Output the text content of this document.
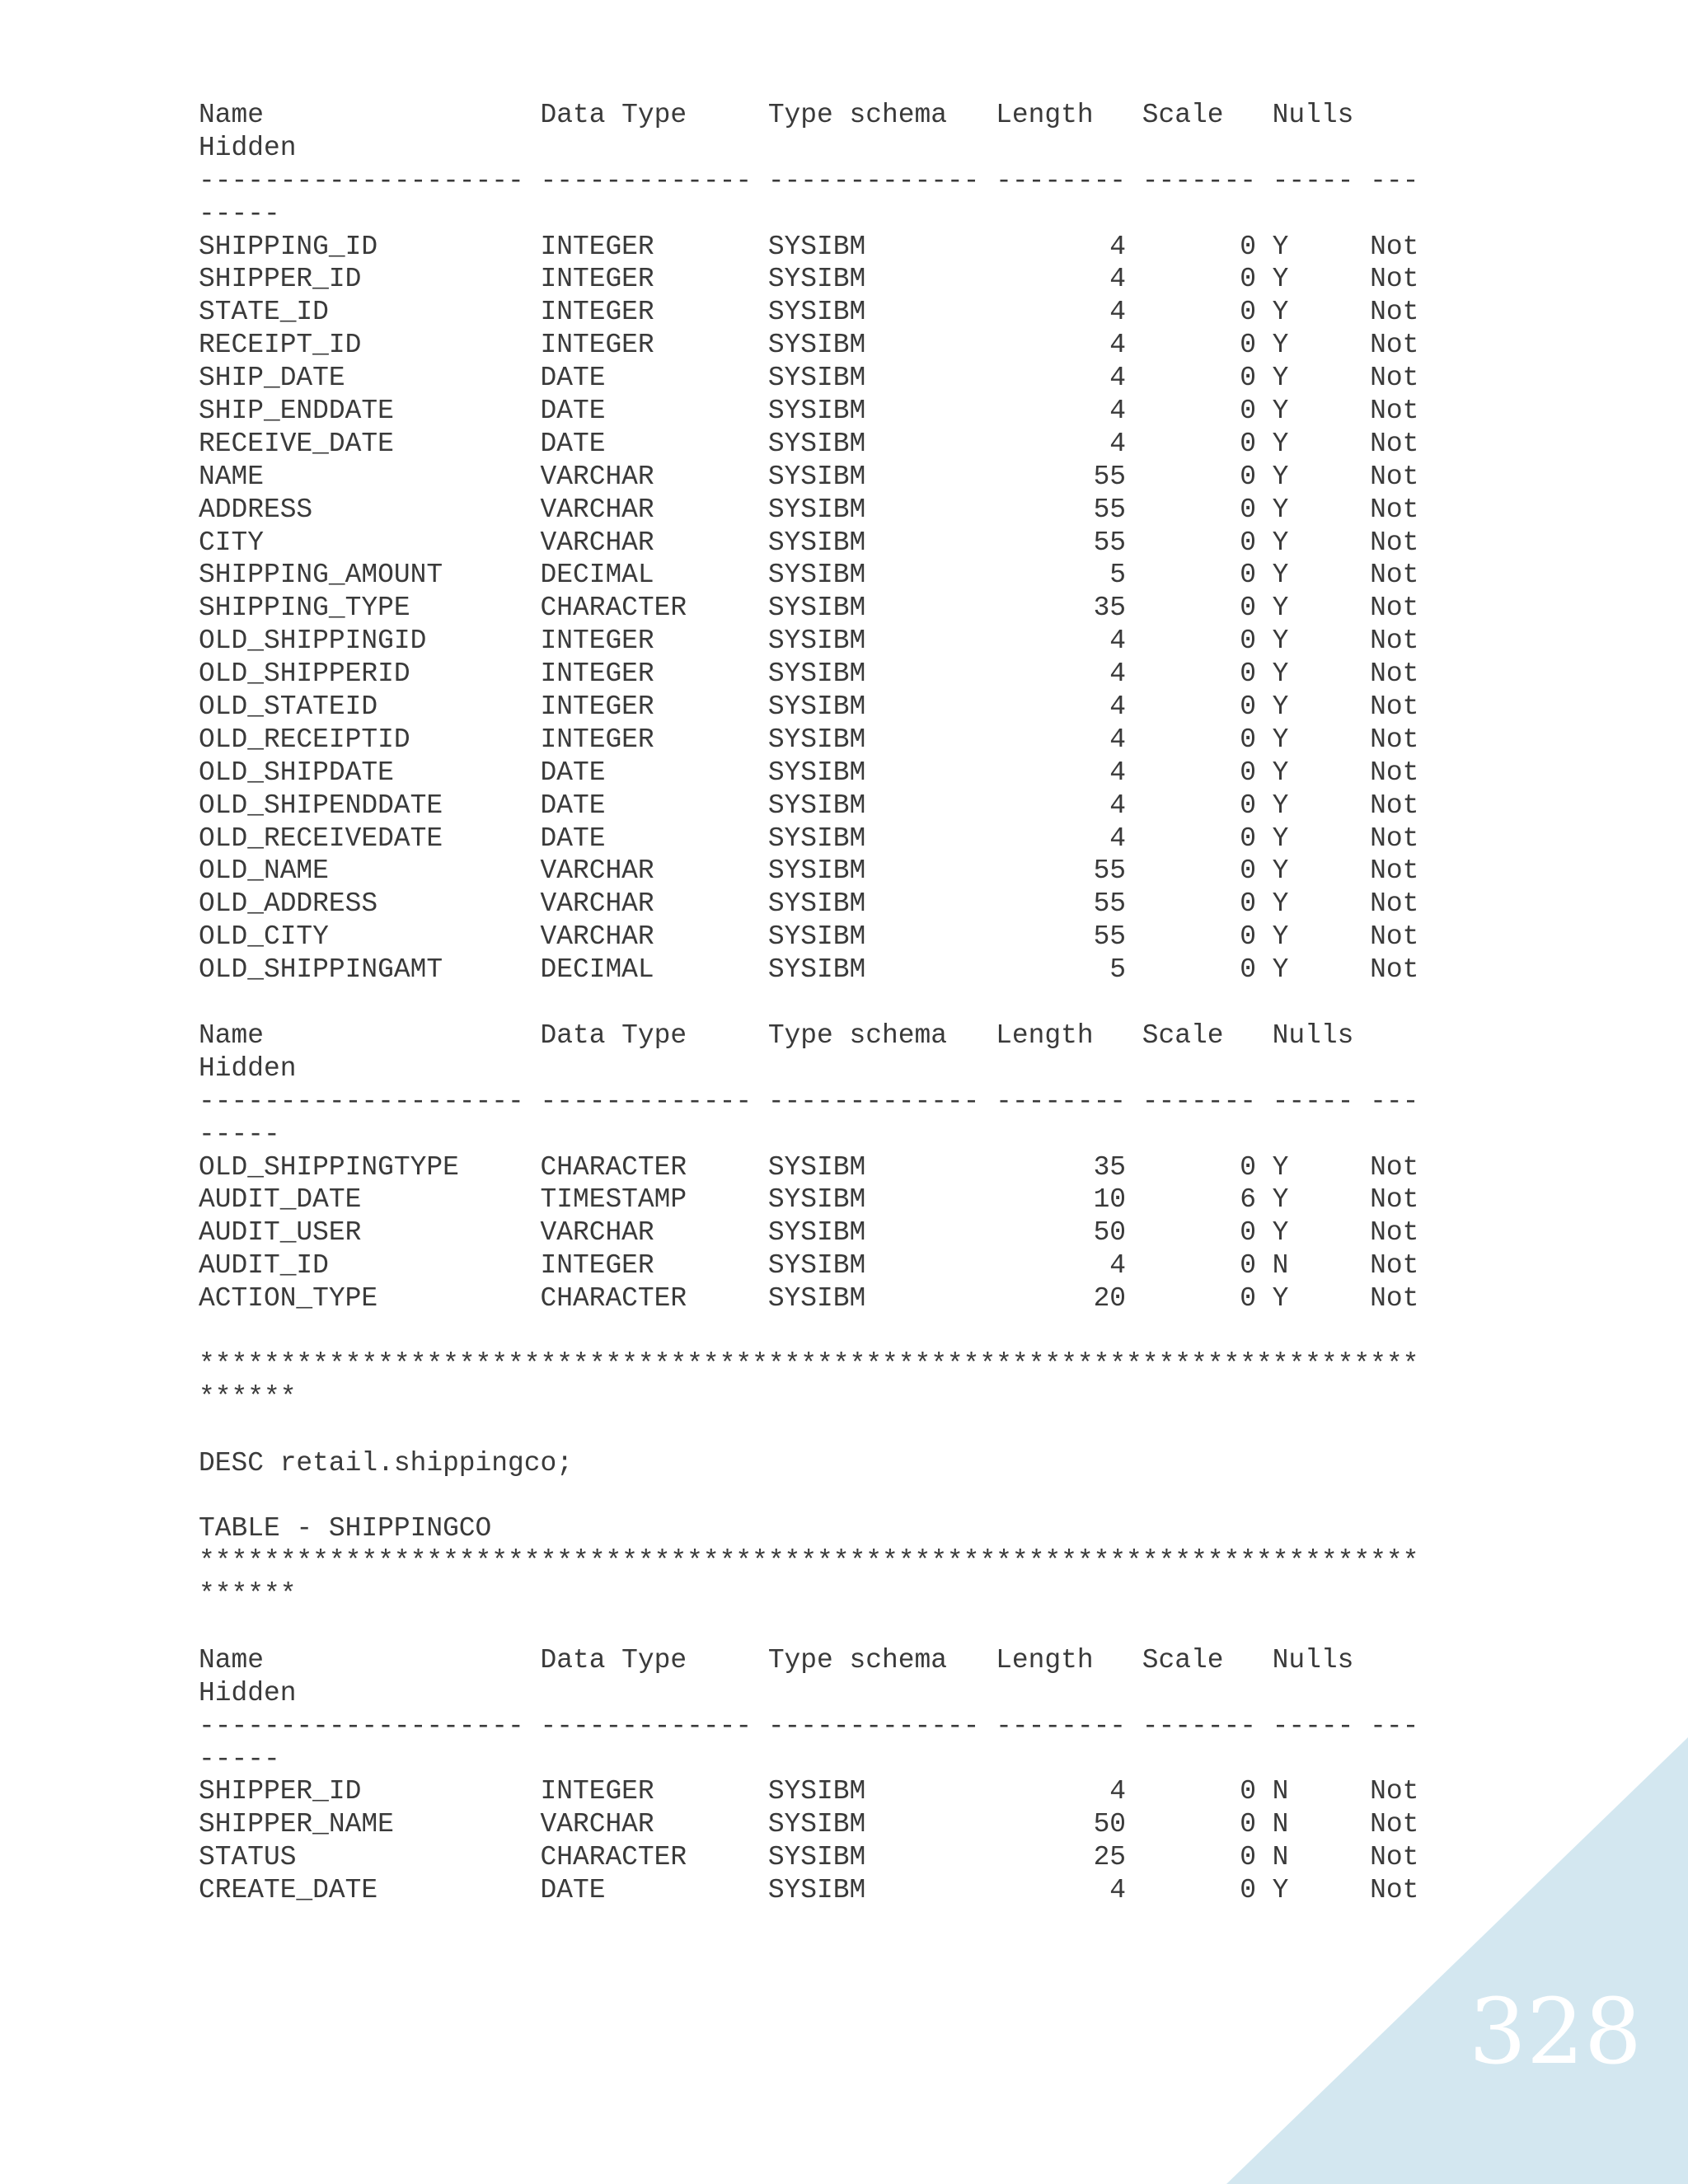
Name                 Data Type     Type schema   Length   Scale   Nulls
Hidden
-------------------- ------------- ------------- -------- ------- ----- ---
-----
SHIPPING_ID          INTEGER       SYSIBM               4       0 Y     Not
SHIPPER_ID           INTEGER       SYSIBM               4       0 Y     Not
STATE_ID             INTEGER       SYSIBM               4       0 Y     Not
RECEIPT_ID           INTEGER       SYSIBM               4       0 Y     Not
SHIP_DATE            DATE          SYSIBM               4       0 Y     Not
SHIP_ENDDATE         DATE          SYSIBM               4       0 Y     Not
RECEIVE_DATE         DATE          SYSIBM               4       0 Y     Not
NAME                 VARCHAR       SYSIBM              55       0 Y     Not
ADDRESS              VARCHAR       SYSIBM              55       0 Y     Not
CITY                 VARCHAR       SYSIBM              55       0 Y     Not
SHIPPING_AMOUNT      DECIMAL       SYSIBM               5       0 Y     Not
SHIPPING_TYPE        CHARACTER     SYSIBM              35       0 Y     Not
OLD_SHIPPINGID       INTEGER       SYSIBM               4       0 Y     Not
OLD_SHIPPERID        INTEGER       SYSIBM               4       0 Y     Not
OLD_STATEID          INTEGER       SYSIBM               4       0 Y     Not
OLD_RECEIPTID        INTEGER       SYSIBM               4       0 Y     Not
OLD_SHIPDATE         DATE          SYSIBM               4       0 Y     Not
OLD_SHIPENDDATE      DATE          SYSIBM               4       0 Y     Not
OLD_RECEIVEDATE      DATE          SYSIBM               4       0 Y     Not
OLD_NAME             VARCHAR       SYSIBM              55       0 Y     Not
OLD_ADDRESS          VARCHAR       SYSIBM              55       0 Y     Not
OLD_CITY             VARCHAR       SYSIBM              55       0 Y     Not
OLD_SHIPPINGAMT      DECIMAL       SYSIBM               5       0 Y     Not
Name                 Data Type     Type schema   Length   Scale   Nulls
Hidden
-------------------- ------------- ------------- -------- ------- ----- ---
-----
OLD_SHIPPINGTYPE     CHARACTER     SYSIBM              35       0 Y     Not
AUDIT_DATE           TIMESTAMP     SYSIBM              10       6 Y     Not
AUDIT_USER           VARCHAR       SYSIBM              50       0 Y     Not
AUDIT_ID             INTEGER       SYSIBM               4       0 N     Not
ACTION_TYPE          CHARACTER     SYSIBM              20       0 Y     Not
***************************************************************************
******
DESC retail.shippingco;
TABLE - SHIPPINGCO
***************************************************************************
******
Name                 Data Type     Type schema   Length   Scale   Nulls
Hidden
-------------------- ------------- ------------- -------- ------- ----- ---
-----
SHIPPER_ID           INTEGER       SYSIBM               4       0 N     Not
SHIPPER_NAME         VARCHAR       SYSIBM              50       0 N     Not
STATUS               CHARACTER     SYSIBM              25       0 N     Not
CREATE_DATE          DATE          SYSIBM               4       0 Y     Not
328
